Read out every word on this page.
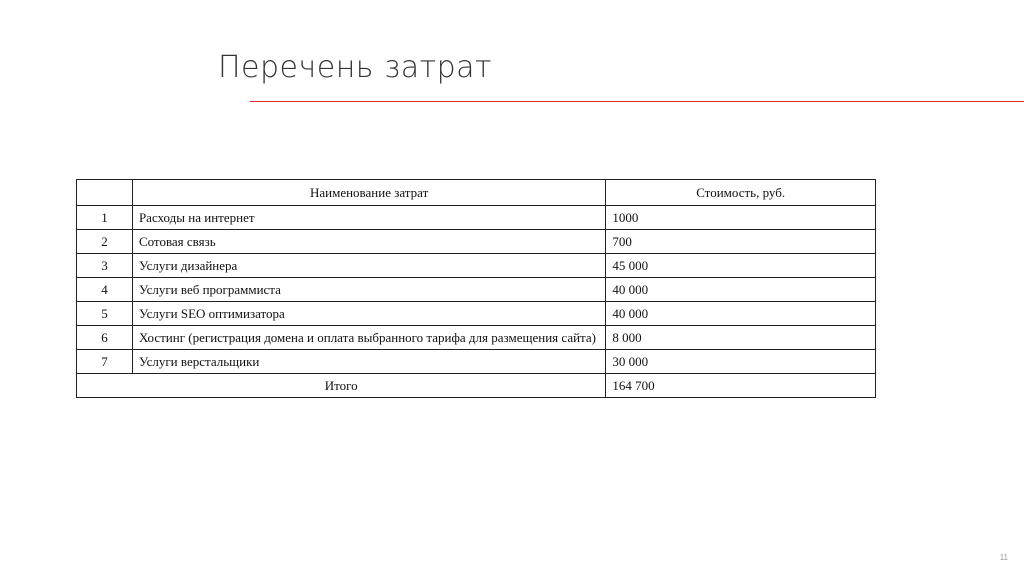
Перечень затрат
	Наименование затрат	Стоимость, руб.
1	Расходы на интернет	1000
2	Сотовая связь	700
3	Услуги дизайнера	45 000
4	Услуги веб программиста	40 000
5	Услуги SEO оптимизатора	40 000
6	Хостинг (регистрация домена и оплата выбранного тарифа для размещения сайта)	8 000
7	Услуги верстальщики	30 000
Итого		164 700
11
